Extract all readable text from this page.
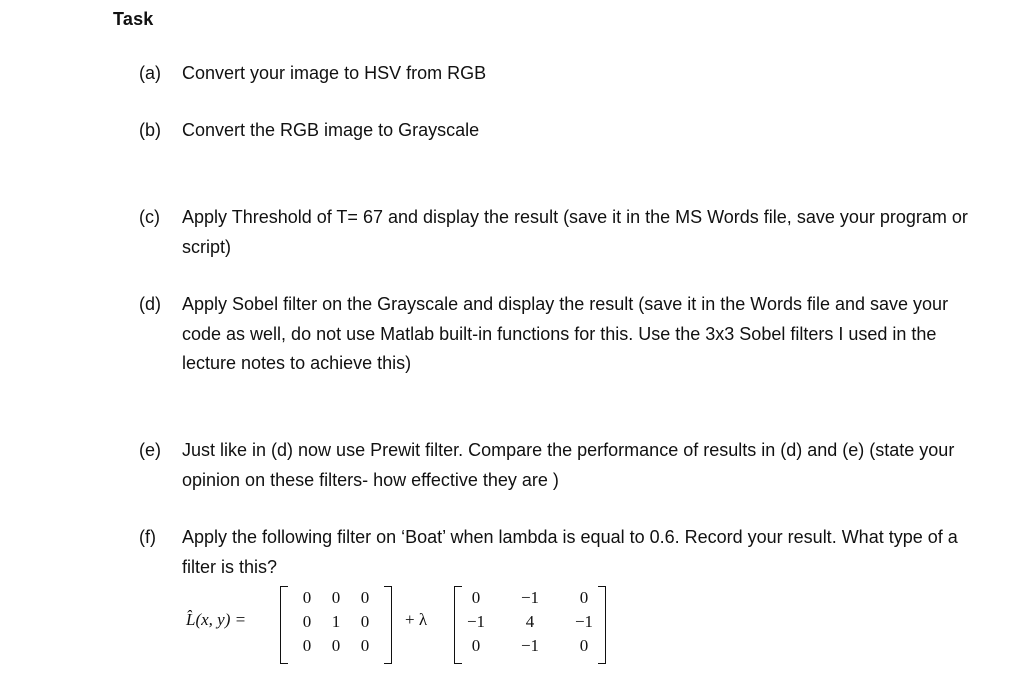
Task
(a) Convert your image to HSV from RGB
(b) Convert the RGB image to Grayscale
(c) Apply Threshold of T= 67 and display the result (save it in the MS Words file, save your program or script)
(d) Apply Sobel filter on the Grayscale and display the result (save it in the Words file and save your code as well, do not use Matlab built-in functions for this. Use the 3x3 Sobel filters I used in the lecture notes to achieve this)
(e) Just like in (d) now use Prewit filter. Compare the performance of results in (d) and (e) (state your opinion on these filters- how effective they are )
(f) Apply the following filter on ‘Boat’ when lambda is equal to 0.6. Record your result. What type of a filter is this?
L̂(x, y) =
0	0	0
0	1	0
0	0	0
+ λ
0	−1	0
−1	4	−1
0	−1	0
